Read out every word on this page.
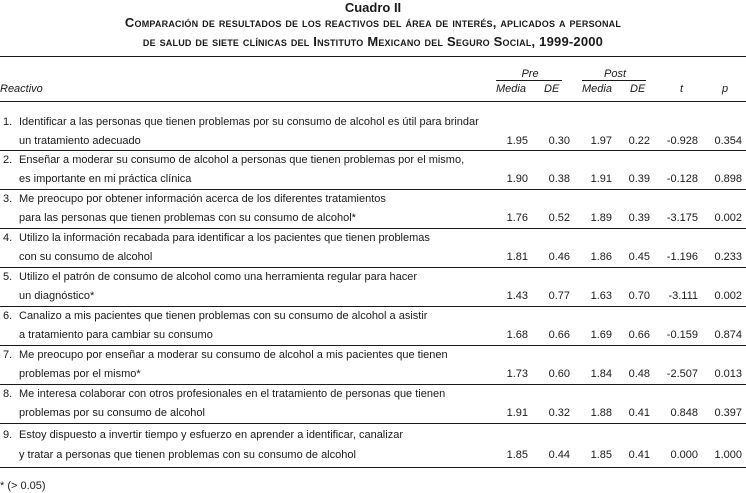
Cuadro II
Comparación de resultados de los reactivos del área de interés, aplicados a personal
de salud de siete clínicas del Instituto Mexicano del Seguro Social, 1999-2000
Pre	Post
Reactivo	Media DE Media DE	t	p
1. Identificar a las personas que tienen problemas por su consumo de alcohol es útil para brindar
un tratamiento adecuado	1.95	0.30	1.97	0.22	-0.928	0.354
2. Enseñar a moderar su consumo de alcohol a personas que tienen problemas por el mismo,
es importante en mi práctica clínica	1.90	0.38	1.91	0.39	-0.128	0.898
3. Me preocupo por obtener información acerca de los diferentes tratamientos
para las personas que tienen problemas con su consumo de alcohol*	1.76	0.52	1.89	0.39	-3.175	0.002
4. Utilizo la información recabada para identificar a los pacientes que tienen problemas
con su consumo de alcohol	1.81	0.46	1.86	0.45	-1.196	0.233
5. Utilizo el patrón de consumo de alcohol como una herramienta regular para hacer
un diagnóstico*	1.43	0.77	1.63	0.70	-3.111	0.002
6. Canalizo a mis pacientes que tienen problemas con su consumo de alcohol a asistir
a tratamiento para cambiar su consumo	1.68	0.66	1.69	0.66	-0.159	0.874
7. Me preocupo por enseñar a moderar su consumo de alcohol a mis pacientes que tienen
problemas por el mismo*	1.73	0.60	1.84	0.48	-2.507	0.013
8. Me interesa colaborar con otros profesionales en el tratamiento de personas que tienen
problemas por su consumo de alcohol	1.91	0.32	1.88	0.41	0.848	0.397
9. Estoy dispuesto a invertir tiempo y esfuerzo en aprender a identificar, canalizar
y tratar a personas que tienen problemas con su consumo de alcohol	1.85	0.44	1.85	0.41	0.000	1.000
* (> 0.05)
